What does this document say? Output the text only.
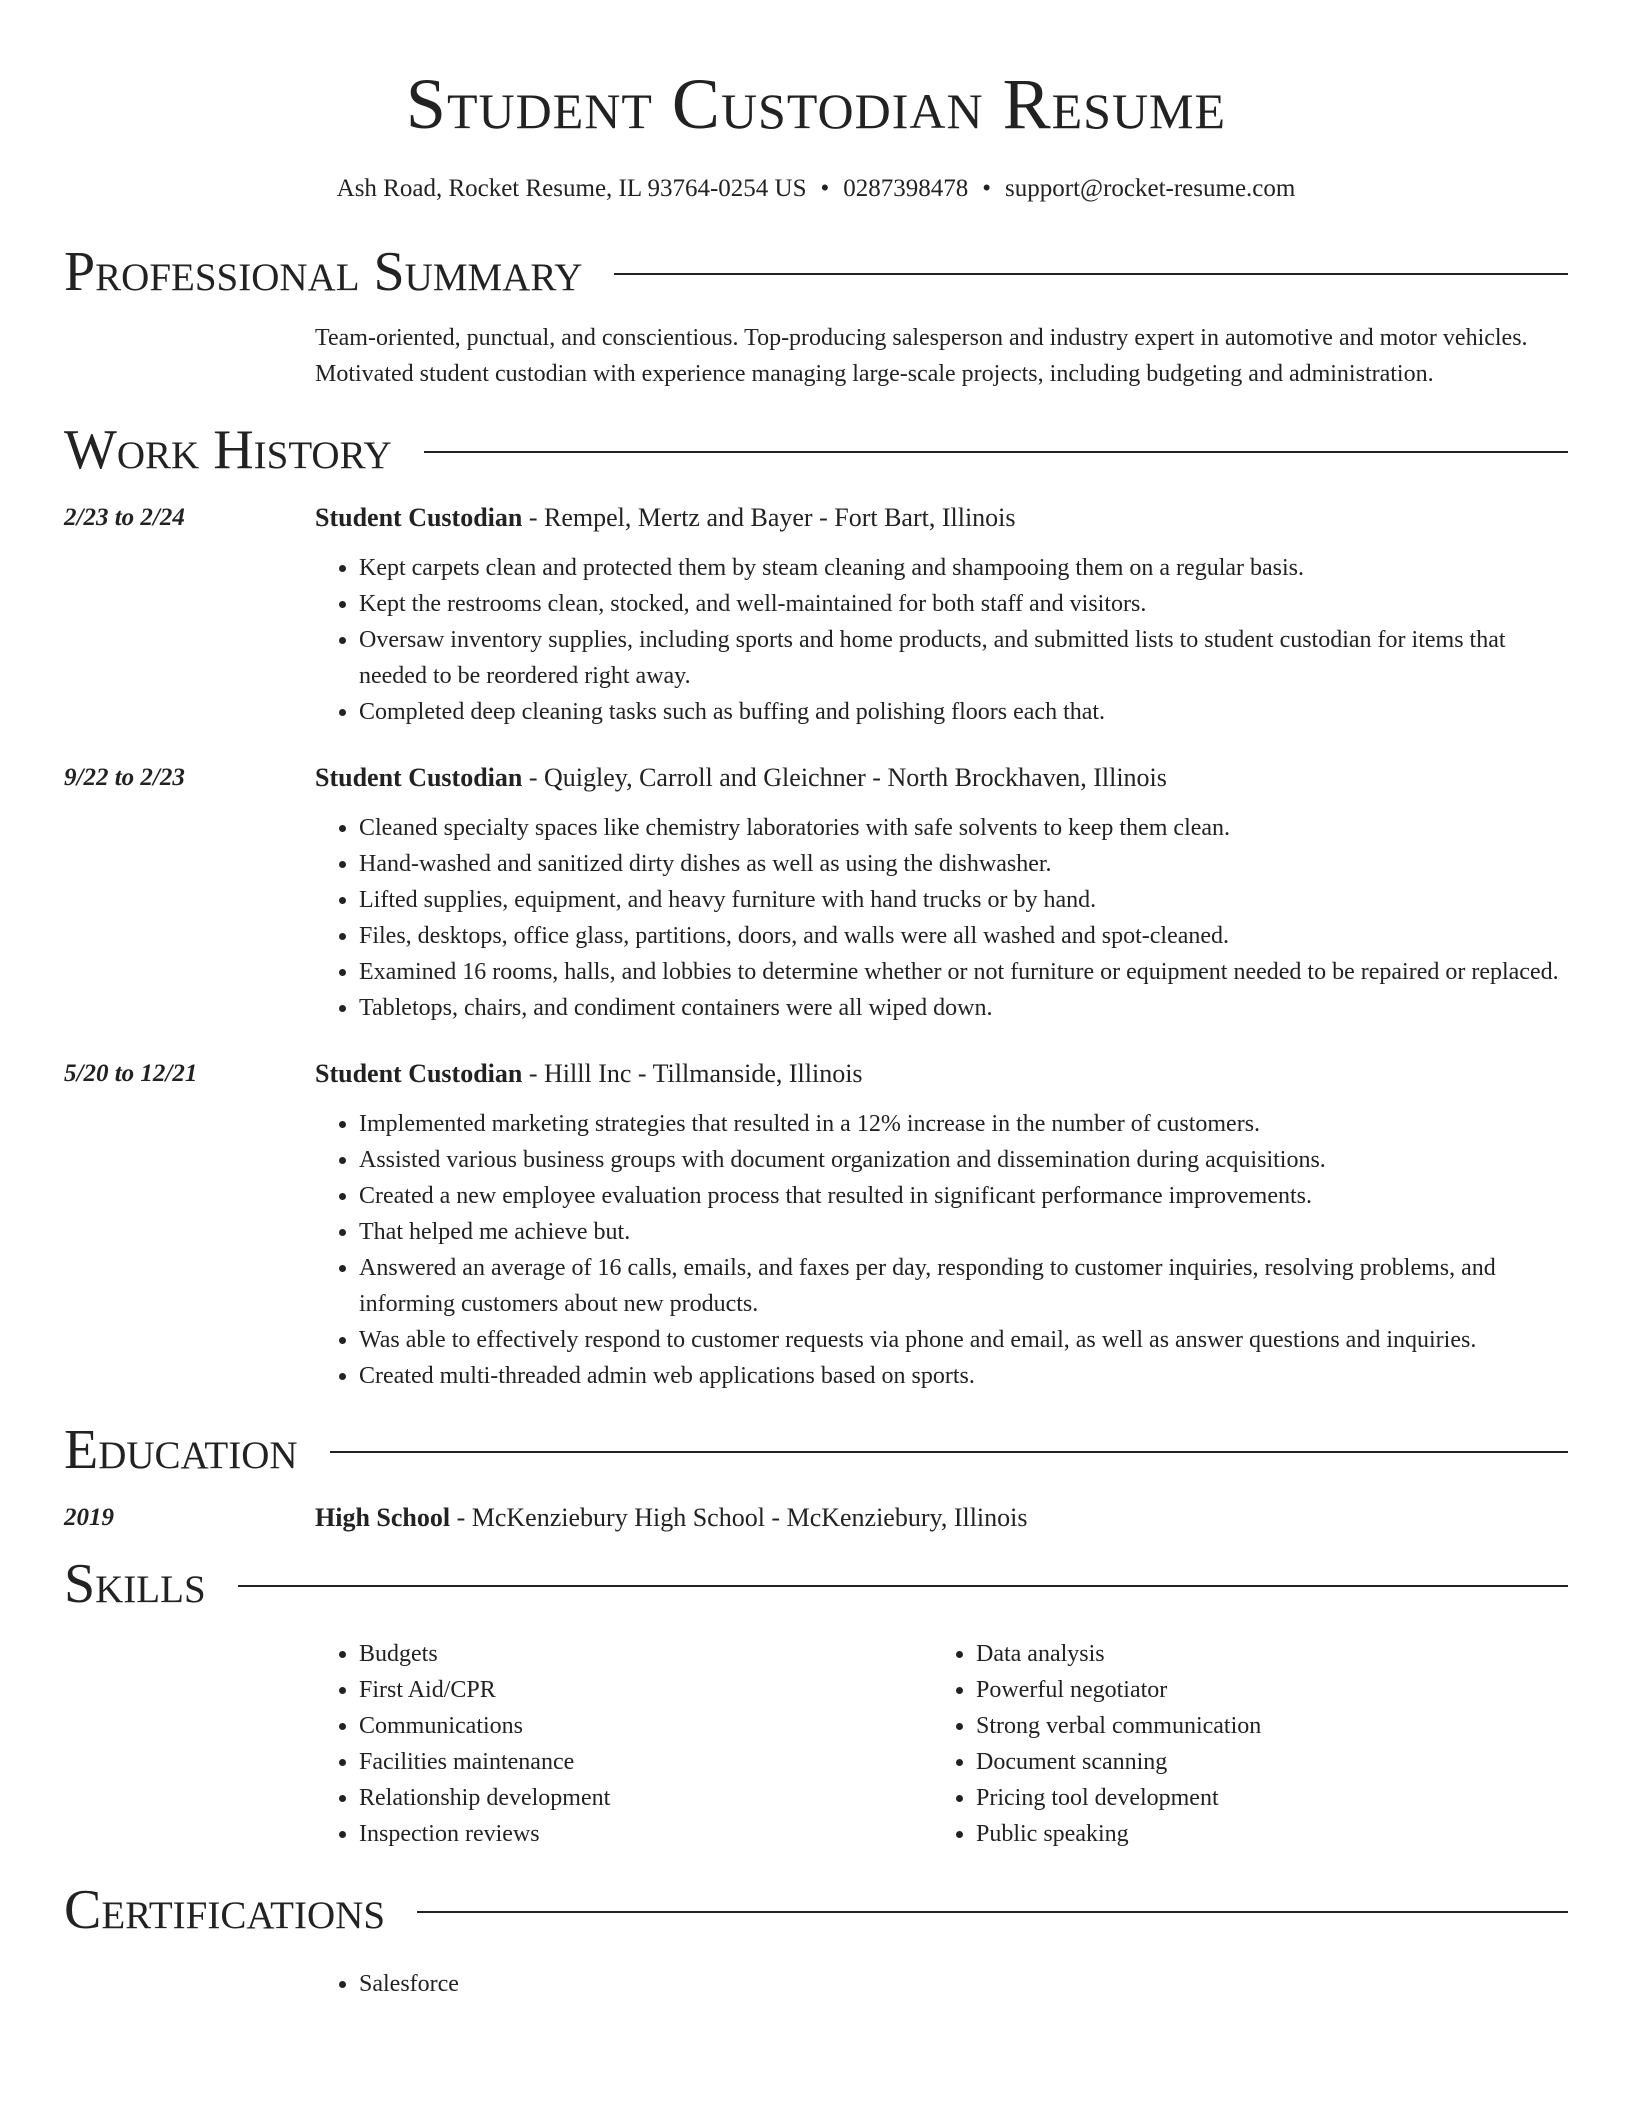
Student Custodian Resume
Ash Road, Rocket Resume, IL 93764-0254 US • 0287398478 • support@rocket-resume.com
Professional Summary
Team-oriented, punctual, and conscientious. Top-producing salesperson and industry expert in automotive and motor vehicles. Motivated student custodian with experience managing large-scale projects, including budgeting and administration.
Work History
2/23 to 2/24	Student Custodian - Rempel, Mertz and Bayer - Fort Bart, Illinois
• Kept carpets clean and protected them by steam cleaning and shampooing them on a regular basis.
• Kept the restrooms clean, stocked, and well-maintained for both staff and visitors.
• Oversaw inventory supplies, including sports and home products, and submitted lists to student custodian for items that needed to be reordered right away.
• Completed deep cleaning tasks such as buffing and polishing floors each that.
9/22 to 2/23	Student Custodian - Quigley, Carroll and Gleichner - North Brockhaven, Illinois
• Cleaned specialty spaces like chemistry laboratories with safe solvents to keep them clean.
• Hand-washed and sanitized dirty dishes as well as using the dishwasher.
• Lifted supplies, equipment, and heavy furniture with hand trucks or by hand.
• Files, desktops, office glass, partitions, doors, and walls were all washed and spot-cleaned.
• Examined 16 rooms, halls, and lobbies to determine whether or not furniture or equipment needed to be repaired or replaced.
• Tabletops, chairs, and condiment containers were all wiped down.
5/20 to 12/21	Student Custodian - Hilll Inc - Tillmanside, Illinois
• Implemented marketing strategies that resulted in a 12% increase in the number of customers.
• Assisted various business groups with document organization and dissemination during acquisitions.
• Created a new employee evaluation process that resulted in significant performance improvements.
• That helped me achieve but.
• Answered an average of 16 calls, emails, and faxes per day, responding to customer inquiries, resolving problems, and informing customers about new products.
• Was able to effectively respond to customer requests via phone and email, as well as answer questions and inquiries.
• Created multi-threaded admin web applications based on sports.
Education
2019	High School - McKenziebury High School - McKenziebury, Illinois
Skills
• Budgets
• First Aid/CPR
• Communications
• Facilities maintenance
• Relationship development
• Inspection reviews
• Data analysis
• Powerful negotiator
• Strong verbal communication
• Document scanning
• Pricing tool development
• Public speaking
Certifications
• Salesforce
